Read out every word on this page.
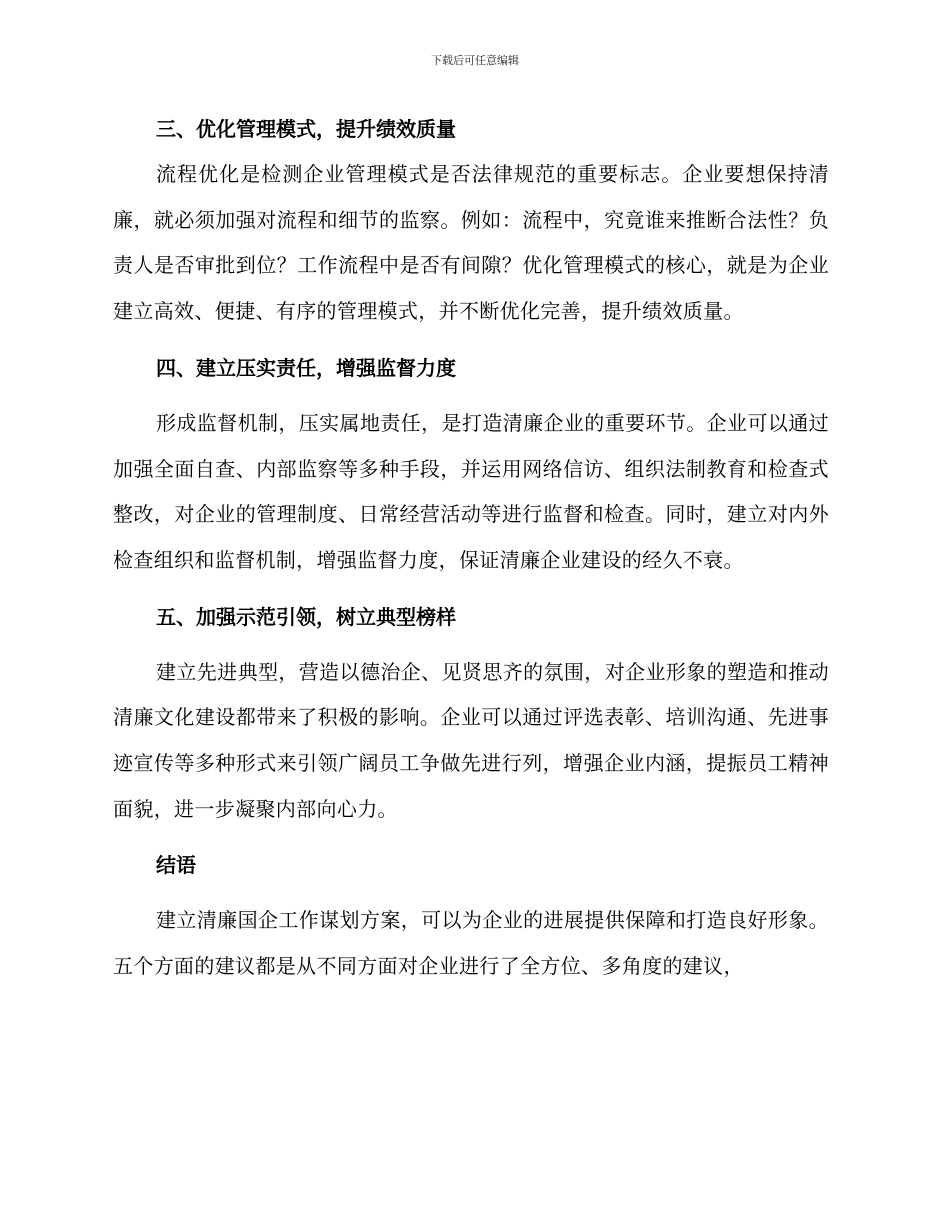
下载后可任意编辑
三、优化管理模式，提升绩效质量

流程优化是检测企业管理模式是否法律规范的重要标志。企业要想保持清廉，就必须加强对流程和细节的监察。例如：流程中，究竟谁来推断合法性？负责人是否审批到位？工作流程中是否有间隙？优化管理模式的核心，就是为企业建立高效、便捷、有序的管理模式，并不断优化完善，提升绩效质量。

四、建立压实责任，增强监督力度

形成监督机制，压实属地责任，是打造清廉企业的重要环节。企业可以通过加强全面自查、内部监察等多种手段，并运用网络信访、组织法制教育和检查式整改，对企业的管理制度、日常经营活动等进行监督和检查。同时，建立对内外检查组织和监督机制，增强监督力度，保证清廉企业建设的经久不衰。

五、加强示范引领，树立典型榜样

建立先进典型，营造以德治企、见贤思齐的氛围，对企业形象的塑造和推动清廉文化建设都带来了积极的影响。企业可以通过评选表彰、培训沟通、先进事迹宣传等多种形式来引领广阔员工争做先进行列，增强企业内涵，提振员工精神面貌，进一步凝聚内部向心力。

结语

建立清廉国企工作谋划方案，可以为企业的进展提供保障和打造良好形象。五个方面的建议都是从不同方面对企业进行了全方位、多角度的建议，
